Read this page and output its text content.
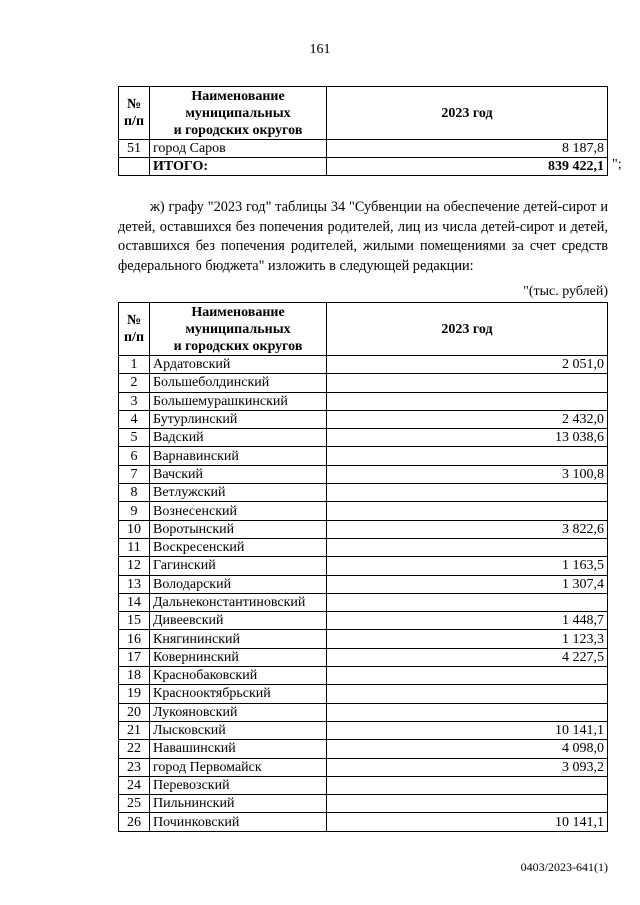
161
№
п/п	Наименование
муниципальных
и городских округов	2023 год
51	город Саров	8 187,8
	ИТОГО:	839 422,1 ";
ж) графу "2023 год" таблицы 34 "Субвенции на обеспечение детей-сирот и детей, оставшихся без попечения родителей, лиц из числа детей-сирот и детей, оставшихся без попечения родителей, жилыми помещениями за счет средств федерального бюджета" изложить в следующей редакции:
"(тыс. рублей)
№
п/п	Наименование
муниципальных
и городских округов	2023 год
1	Ардатовский	2 051,0
2	Большеболдинский	
3	Большемурашкинский	
4	Бутурлинский	2 432,0
5	Вадский	13 038,6
6	Варнавинский	
7	Вачский	3 100,8
8	Ветлужский	
9	Вознесенский	
10	Воротынский	3 822,6
11	Воскресенский	
12	Гагинский	1 163,5
13	Володарский	1 307,4
14	Дальнеконстантиновский	
15	Дивеевский	1 448,7
16	Княгининский	1 123,3
17	Ковернинский	4 227,5
18	Краснобаковский	
19	Краснооктябрьский	
20	Лукояновский	
21	Лысковский	10 141,1
22	Навашинский	4 098,0
23	город Первомайск	3 093,2
24	Перевозский	
25	Пильнинский	
26	Починковский	10 141,1
0403/2023-641(1)
